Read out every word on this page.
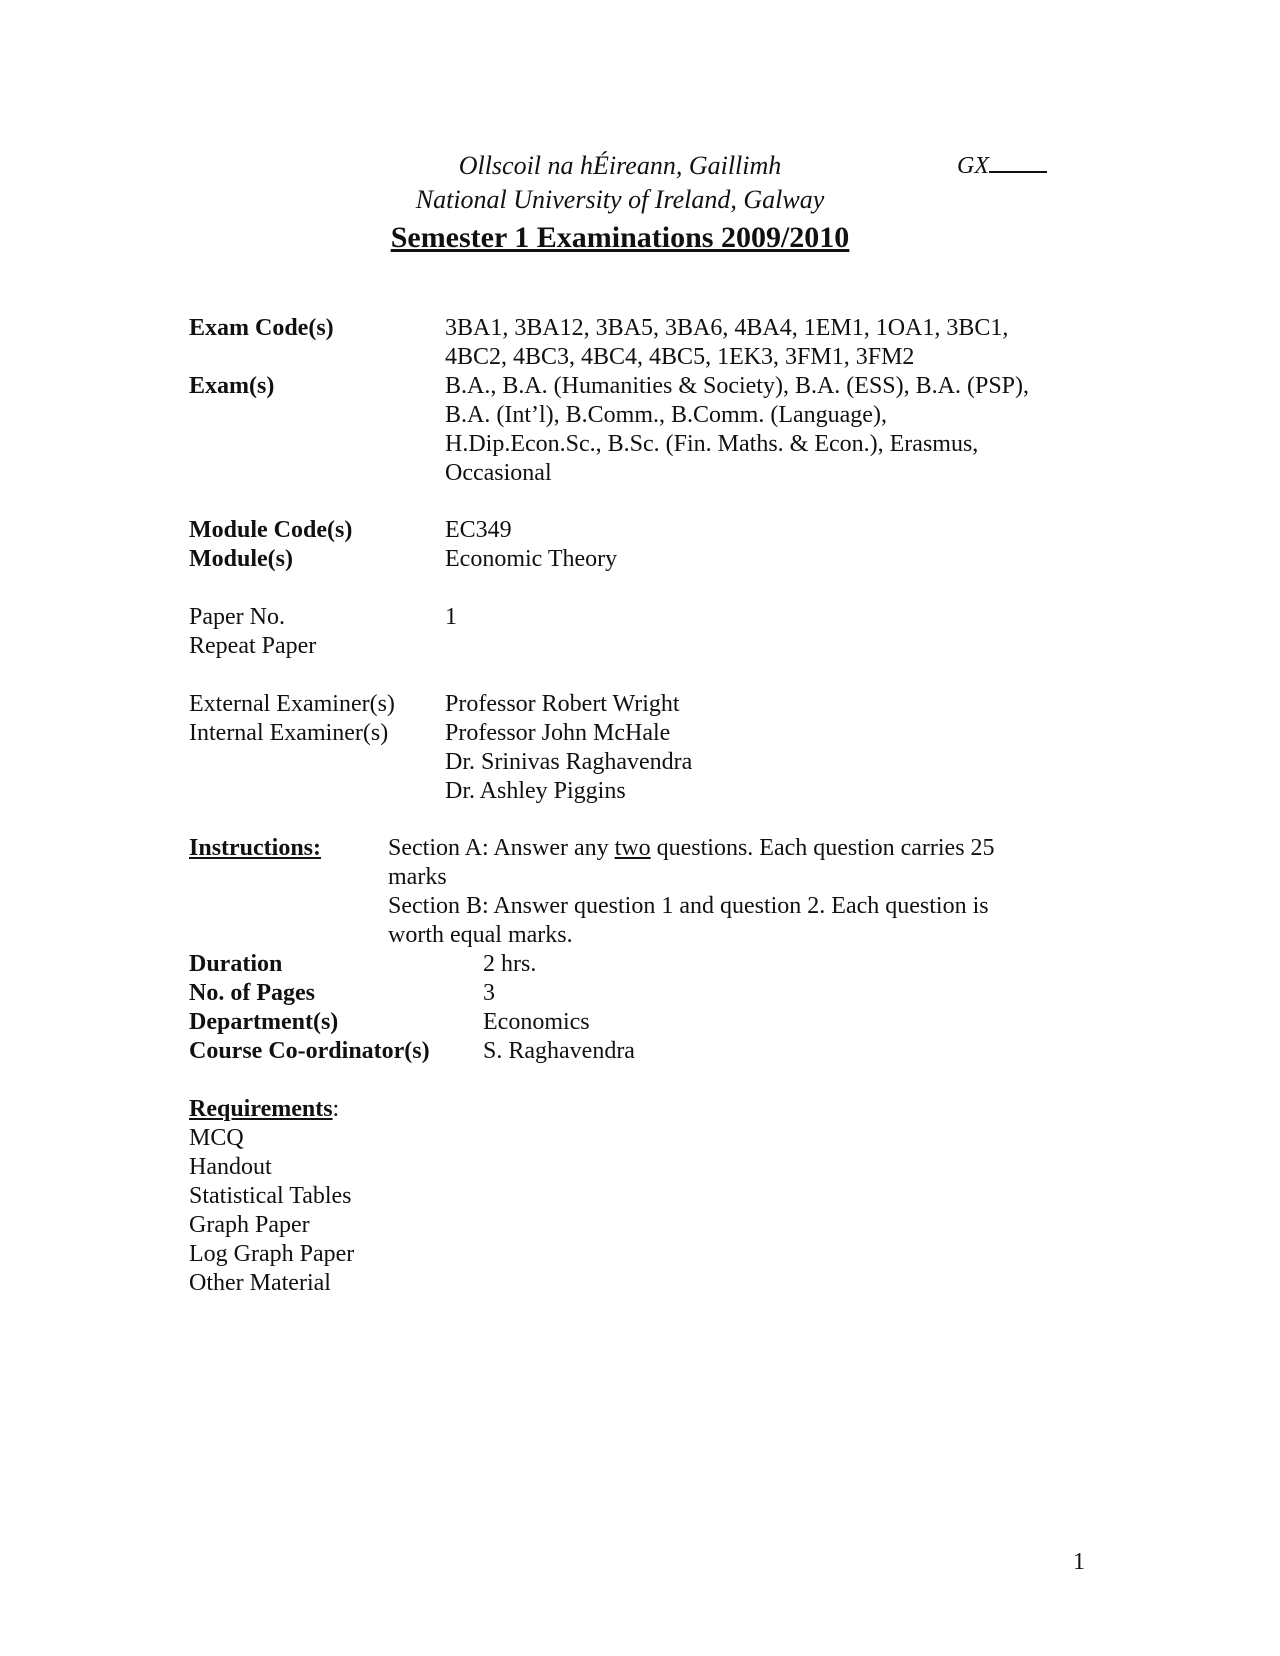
Ollscoil na hÉireann, Gaillimh
National University of Ireland, Galway
GX
Semester 1 Examinations 2009/2010
Exam Code(s)	3BA1, 3BA12, 3BA5, 3BA6, 4BA4, 1EM1, 1OA1, 3BC1,
4BC2, 4BC3, 4BC4, 4BC5, 1EK3, 3FM1, 3FM2
Exam(s)	B.A., B.A. (Humanities & Society), B.A. (ESS), B.A. (PSP),
B.A. (Int’l), B.Comm., B.Comm. (Language),
H.Dip.Econ.Sc., B.Sc. (Fin. Maths. & Econ.), Erasmus,
Occasional
Module Code(s)	EC349
Module(s)	Economic Theory
Paper No.	1
Repeat Paper
External Examiner(s) Professor Robert Wright
Internal Examiner(s) Professor John McHale
Dr. Srinivas Raghavendra
Dr. Ashley Piggins
Instructions:	Section A: Answer any two questions. Each question carries 25
marks
Section B: Answer question 1 and question 2. Each question is
worth equal marks.
Duration	2 hrs.
No. of Pages	3
Department(s)	Economics
Course Co-ordinator(s) S. Raghavendra
Requirements:
MCQ
Handout
Statistical Tables
Graph Paper
Log Graph Paper
Other Material
1
